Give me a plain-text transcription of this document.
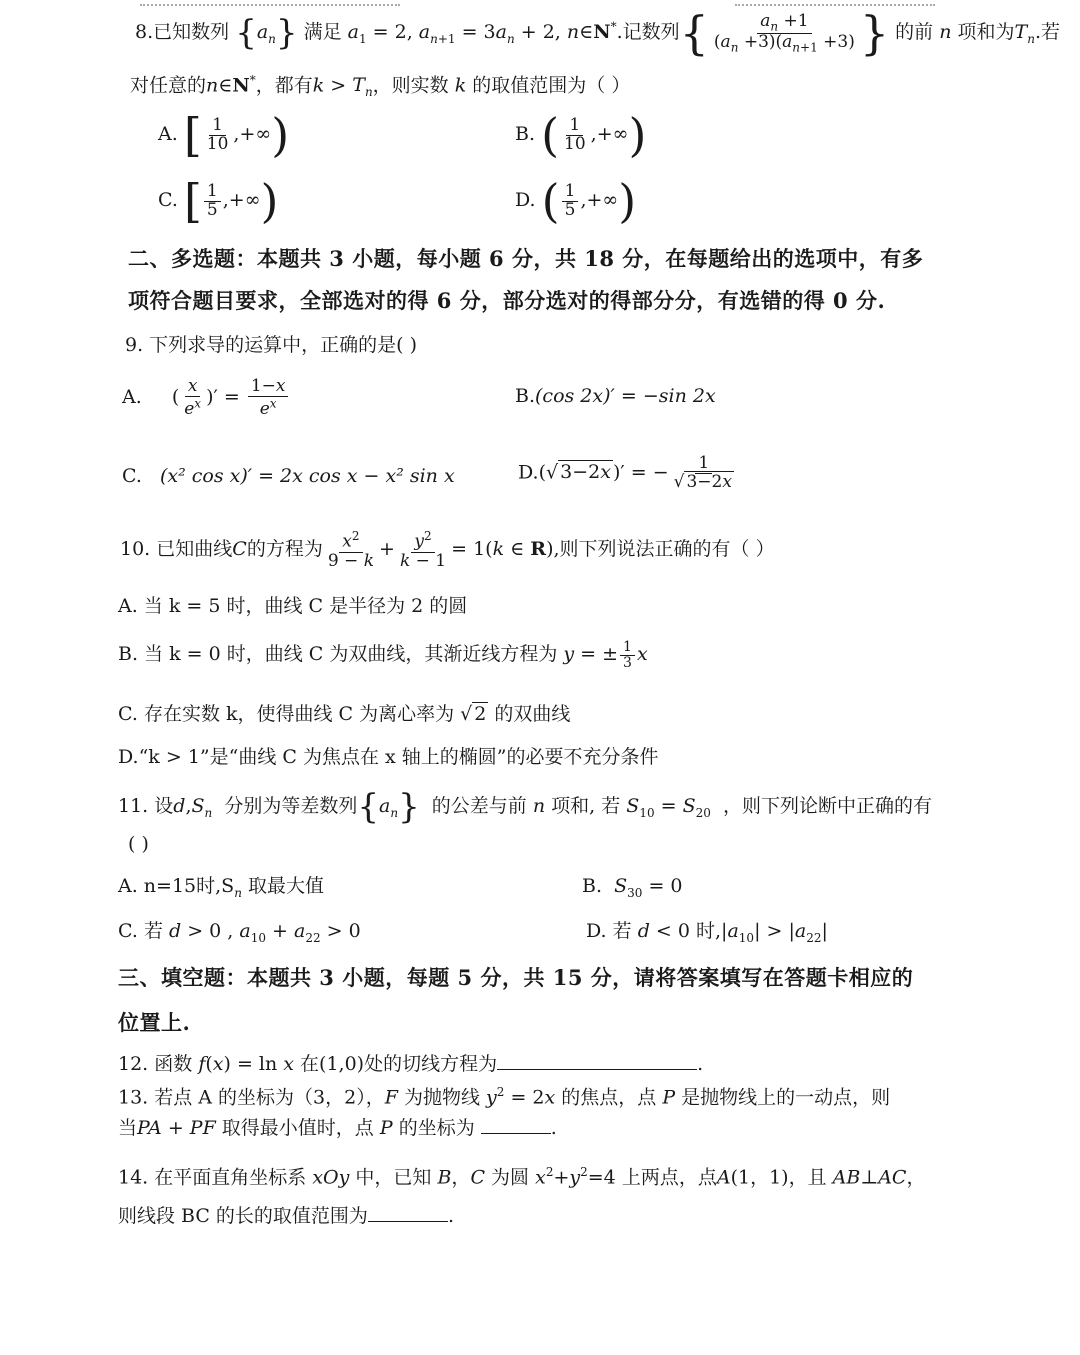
8.已知数列 $\{a_n\}$ 满足 $a_1 = 2$, $a_{n+1} = 3a_n + 2$, n∈N*.记数列{ $\frac{a_n +1}{(a_n +3)(a_{n+1} +3)}$ } 的前 n 项和为$T_n$.若
对任意的n∈N*，都有$k > T_n$，则实数 k 的取值范围为（ ）
A. [ $\frac{1}{10}$ ,+∞)	B. ( $\frac{1}{10}$ ,+∞)
C. [ $\frac{1}{5}$ ,+∞)	D. ( $\frac{1}{5}$ ,+∞)
二、多选题：本题共 3 小题，每小题 6 分，共 18 分，在每题给出的选项中，有多
项符合题目要求，全部选对的得 6 分，部分选对的得部分分，有选错的得 0 分.
9. 下列求导的运算中，正确的是( )
A. ( $\frac{x}{e^x}$ )′ = $\frac{1-x}{e^x}$	B.(cos 2x)′ = −sin 2x
C. (x² cos x)′ = 2x cos x − x² sin x	D.(√ 3−2x )′ = − $\frac{1}{√ 3-2x}$
10. 已知曲线C的方程为 $\frac{x^2}{9 - k} + \frac{y^2}{k - 1} = 1(k$ ∈ R),则下列说法正确的有（ ）
A. 当 k = 5 时，曲线 C 是半径为 2 的圆
B. 当 k = 0 时，曲线 C 为双曲线，其渐近线方程为 y = ± $\frac{1}{3}$ x
C. 存在实数 k，使得曲线 C 为离心率为 √ 2 的双曲线
D.“k > 1”是“曲线 C 为焦点在 x 轴上的椭圆”的必要不充分条件
11. 设$d,S_n$ 分别为等差数列$\{a_n\}$ 的公差与前 n 项和, 若 $S_{10} = S_{20}$ ，则下列论断中正确的有
( )
A. n=15时$,S_n$ 取最大值	B. $S_{30} = 0$
C. 若 d > 0 , $a_{10} + a_{22} > 0$	D. 若 d < 0 时$,|a_{10}| > |a_{22}|$
三、填空题：本题共 3 小题，每题 5 分，共 15 分，请将答案填写在答题卡相应的
位置上.
12. 函数 f(x) = ln x 在(1,0)处的切线方程为	.
13. 若点 A 的坐标为（3，2），F 为抛物线 $y^2 = 2x$ 的焦点，点 P 是抛物线上的一动点，则
当PA + PF 取得最小值时，点 P 的坐标为	.
14. 在平面直角坐标系 xOy 中，已知 B，C 为圆 $x^2+y^2=4$ 上两点，点A(1，1)，且 AB⊥AC，
则线段 BC 的长的取值范围为	.
